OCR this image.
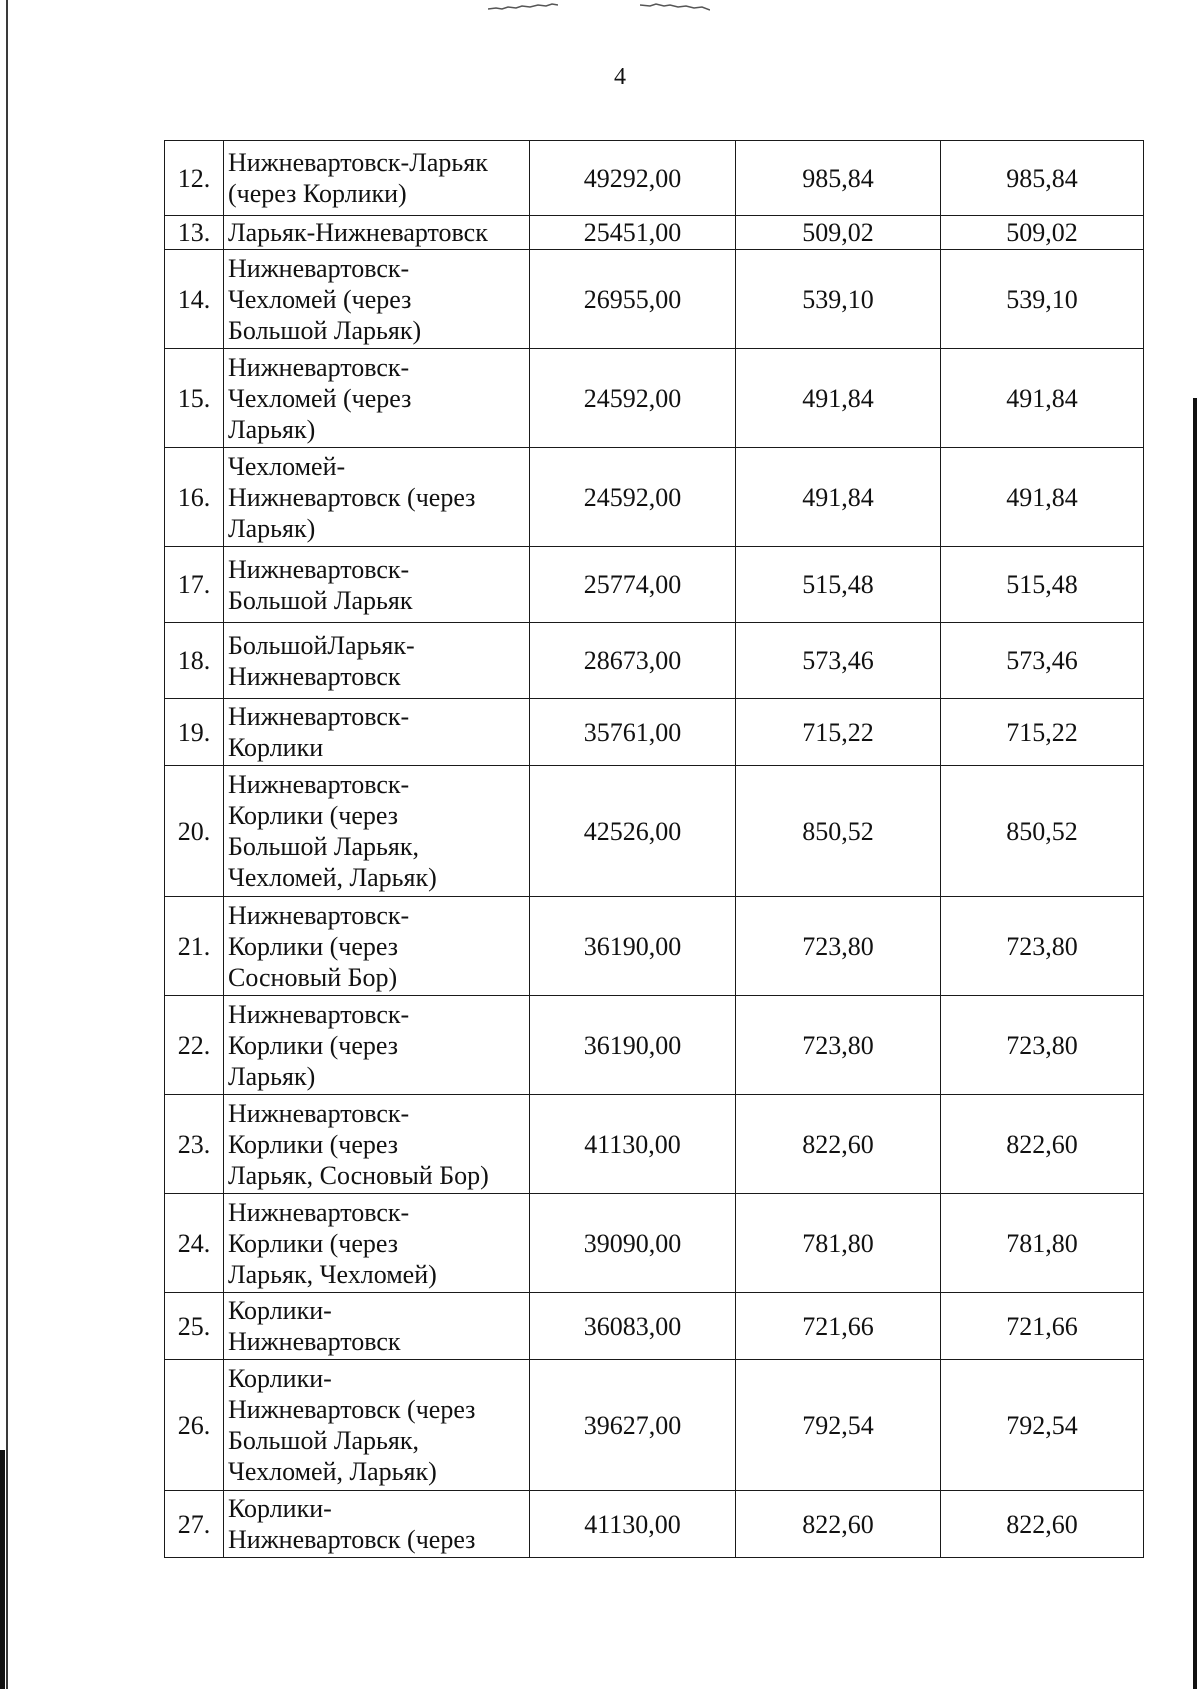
4
12.	Нижневартовск-Ларьяк
(через Корлики)	49292,00	985,84	985,84
13.	Ларьяк-Нижневартовск	25451,00	509,02	509,02
14.	Нижневартовск-
Чехломей (через
Большой Ларьяк)	26955,00	539,10	539,10
15.	Нижневартовск-
Чехломей (через
Ларьяк)	24592,00	491,84	491,84
16.	Чехломей-
Нижневартовск (через
Ларьяк)	24592,00	491,84	491,84
17.	Нижневартовск-
Большой Ларьяк	25774,00	515,48	515,48
18.	БольшойЛарьяк-
Нижневартовск	28673,00	573,46	573,46
19.	Нижневартовск-
Корлики	35761,00	715,22	715,22
20.	Нижневартовск-
Корлики (через
Большой Ларьяк,
Чехломей, Ларьяк)	42526,00	850,52	850,52
21.	Нижневартовск-
Корлики (через
Сосновый Бор)	36190,00	723,80	723,80
22.	Нижневартовск-
Корлики (через
Ларьяк)	36190,00	723,80	723,80
23.	Нижневартовск-
Корлики (через
Ларьяк, Сосновый Бор)	41130,00	822,60	822,60
24.	Нижневартовск-
Корлики (через
Ларьяк, Чехломей)	39090,00	781,80	781,80
25.	Корлики-
Нижневартовск	36083,00	721,66	721,66
26.	Корлики-
Нижневартовск (через
Большой Ларьяк,
Чехломей, Ларьяк)	39627,00	792,54	792,54
27.	Корлики-
Нижневартовск (через	41130,00	822,60	822,60
